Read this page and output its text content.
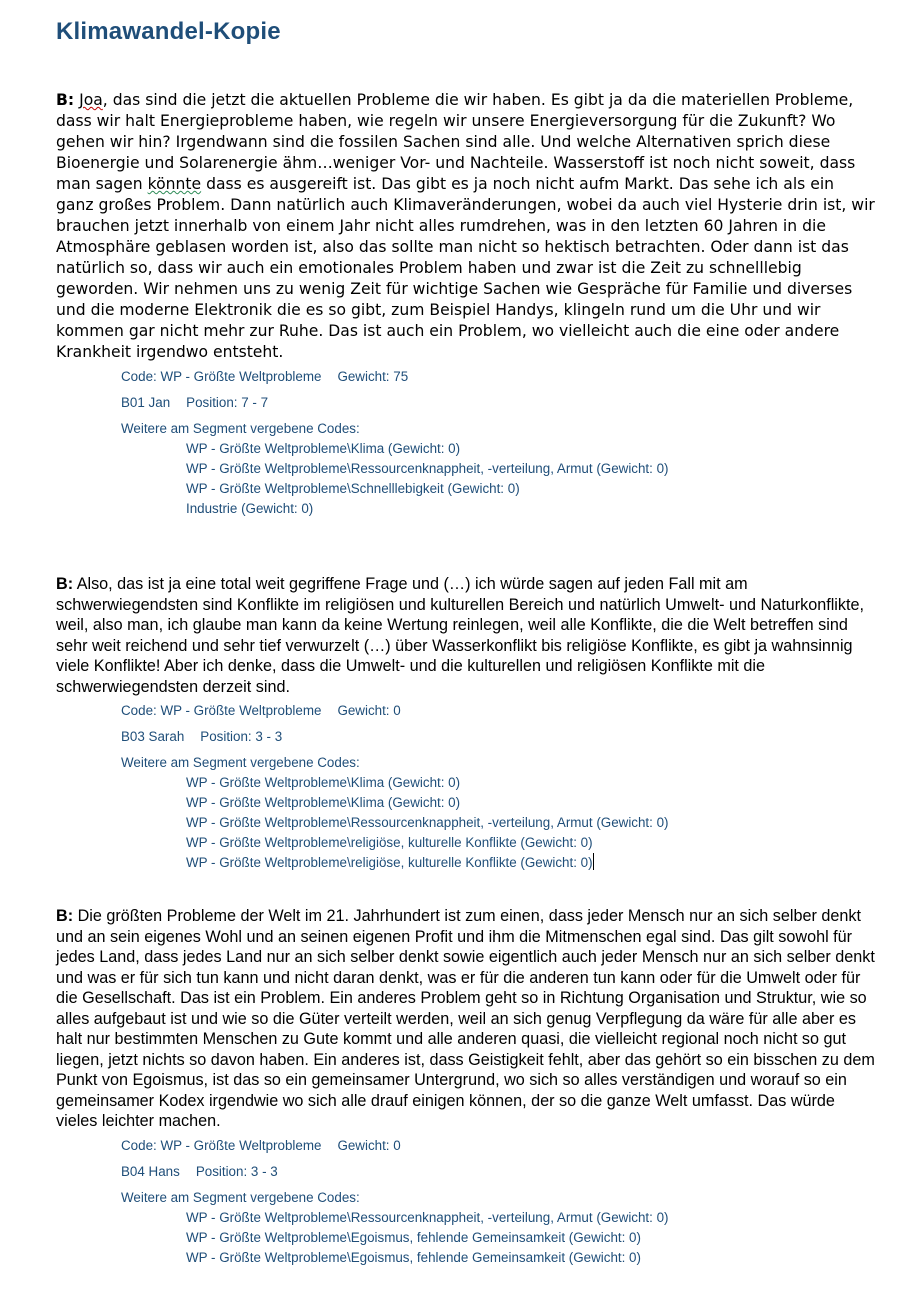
Klimawandel-Kopie

B: Joa, das sind die jetzt die aktuellen Probleme die wir haben. Es gibt ja da die materiellen Probleme, dass wir halt Energieprobleme haben, wie regeln wir unsere Energieversorgung für die Zukunft? Wo gehen wir hin? Irgendwann sind die fossilen Sachen sind alle. Und welche Alternativen sprich diese Bioenergie und Solarenergie ähm…weniger Vor- und Nachteile. Wasserstoff ist noch nicht soweit, dass man sagen könnte dass es ausgereift ist. Das gibt es ja noch nicht aufm Markt. Das sehe ich als ein ganz großes Problem. Dann natürlich auch Klimaveränderungen, wobei da auch viel Hysterie drin ist, wir brauchen jetzt innerhalb von einem Jahr nicht alles rumdrehen, was in den letzten 60 Jahren in die Atmosphäre geblasen worden ist, also das sollte man nicht so hektisch betrachten. Oder dann ist das natürlich so, dass wir auch ein emotionales Problem haben und zwar ist die Zeit zu schnelllebig geworden. Wir nehmen uns zu wenig Zeit für wichtige Sachen wie Gespräche für Familie und diverses und die moderne Elektronik die es so gibt, zum Beispiel Handys, klingeln rund um die Uhr und wir kommen gar nicht mehr zur Ruhe. Das ist auch ein Problem, wo vielleicht auch die eine oder andere Krankheit irgendwo entsteht.

Code: WP - Größte Weltprobleme Gewicht: 75
B01 Jan Position: 7 - 7
Weitere am Segment vergebene Codes:
WP - Größte Weltprobleme\Klima (Gewicht: 0)
WP - Größte Weltprobleme\Ressourcenknappheit, -verteilung, Armut (Gewicht: 0)
WP - Größte Weltprobleme\Schnelllebigkeit (Gewicht: 0)
Industrie (Gewicht: 0)

B: Also, das ist ja eine total weit gegriffene Frage und (…) ich würde sagen auf jeden Fall mit am schwerwiegendsten sind Konflikte im religiösen und kulturellen Bereich und natürlich Umwelt- und Naturkonflikte, weil, also man, ich glaube man kann da keine Wertung reinlegen, weil alle Konflikte, die die Welt betreffen sind sehr weit reichend und sehr tief verwurzelt (…) über Wasserkonflikt bis religiöse Konflikte, es gibt ja wahnsinnig viele Konflikte! Aber ich denke, dass die Umwelt- und die kulturellen und religiösen Konflikte mit die schwerwiegendsten derzeit sind.

Code: WP - Größte Weltprobleme Gewicht: 0
B03 Sarah Position: 3 - 3
Weitere am Segment vergebene Codes:
WP - Größte Weltprobleme\Klima (Gewicht: 0)
WP - Größte Weltprobleme\Klima (Gewicht: 0)
WP - Größte Weltprobleme\Ressourcenknappheit, -verteilung, Armut (Gewicht: 0)
WP - Größte Weltprobleme\religiöse, kulturelle Konflikte (Gewicht: 0)
WP - Größte Weltprobleme\religiöse, kulturelle Konflikte (Gewicht: 0)

B: Die größten Probleme der Welt im 21. Jahrhundert ist zum einen, dass jeder Mensch nur an sich selber denkt und an sein eigenes Wohl und an seinen eigenen Profit und ihm die Mitmenschen egal sind. Das gilt sowohl für jedes Land, dass jedes Land nur an sich selber denkt sowie eigentlich auch jeder Mensch nur an sich selber denkt und was er für sich tun kann und nicht daran denkt, was er für die anderen tun kann oder für die Umwelt oder für die Gesellschaft. Das ist ein Problem. Ein anderes Problem geht so in Richtung Organisation und Struktur, wie so alles aufgebaut ist und wie so die Güter verteilt werden, weil an sich genug Verpflegung da wäre für alle aber es halt nur bestimmten Menschen zu Gute kommt und alle anderen quasi, die vielleicht regional noch nicht so gut liegen, jetzt nichts so davon haben. Ein anderes ist, dass Geistigkeit fehlt, aber das gehört so ein bisschen zu dem Punkt von Egoismus, ist das so ein gemeinsamer Untergrund, wo sich so alles verständigen und worauf so ein gemeinsamer Kodex irgendwie wo sich alle drauf einigen können, der so die ganze Welt umfasst. Das würde vieles leichter machen.

Code: WP - Größte Weltprobleme Gewicht: 0
B04 Hans Position: 3 - 3
Weitere am Segment vergebene Codes:
WP - Größte Weltprobleme\Ressourcenknappheit, -verteilung, Armut (Gewicht: 0)
WP - Größte Weltprobleme\Egoismus, fehlende Gemeinsamkeit (Gewicht: 0)
WP - Größte Weltprobleme\Egoismus, fehlende Gemeinsamkeit (Gewicht: 0)
